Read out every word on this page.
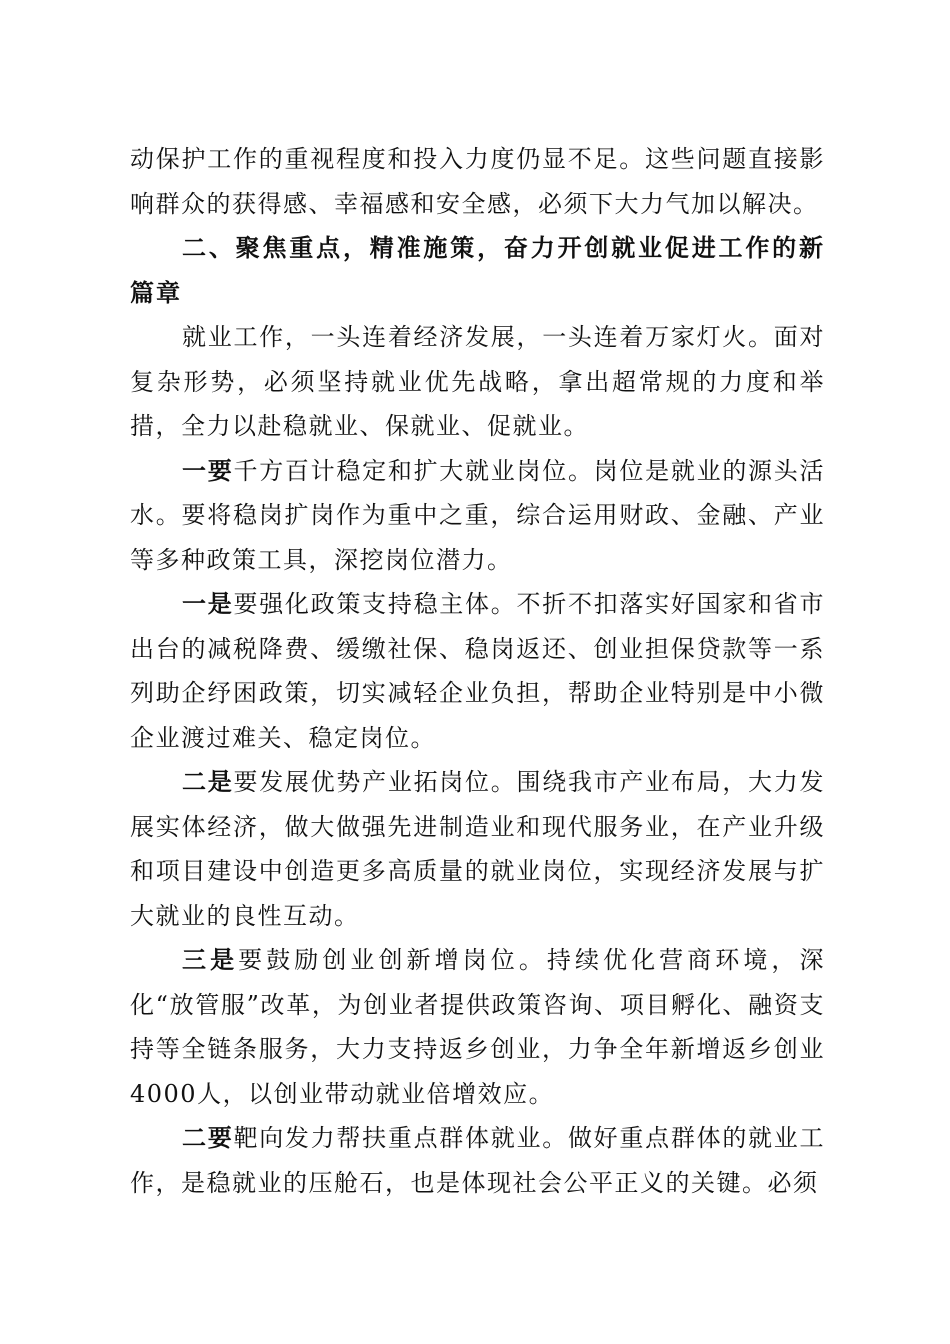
动保护工作的重视程度和投入力度仍显不足。这些问题直接影响群众的获得感、幸福感和安全感，必须下大力气加以解决。

二、聚焦重点，精准施策，奋力开创就业促进工作的新篇章

就业工作，一头连着经济发展，一头连着万家灯火。面对复杂形势，必须坚持就业优先战略，拿出超常规的力度和举措，全力以赴稳就业、保就业、促就业。

一要千方百计稳定和扩大就业岗位。岗位是就业的源头活水。要将稳岗扩岗作为重中之重，综合运用财政、金融、产业等多种政策工具，深挖岗位潜力。

一是要强化政策支持稳主体。不折不扣落实好国家和省市出台的减税降费、缓缴社保、稳岗返还、创业担保贷款等一系列助企纾困政策，切实减轻企业负担，帮助企业特别是中小微企业渡过难关、稳定岗位。

二是要发展优势产业拓岗位。围绕我市产业布局，大力发展实体经济，做大做强先进制造业和现代服务业，在产业升级和项目建设中创造更多高质量的就业岗位，实现经济发展与扩大就业的良性互动。

三是要鼓励创业创新增岗位。持续优化营商环境，深化“放管服”改革，为创业者提供政策咨询、项目孵化、融资支持等全链条服务，大力支持返乡创业，力争全年新增返乡创业4000人，以创业带动就业倍增效应。

二要靶向发力帮扶重点群体就业。做好重点群体的就业工作，是稳就业的压舱石，也是体现社会公平正义的关键。必须
